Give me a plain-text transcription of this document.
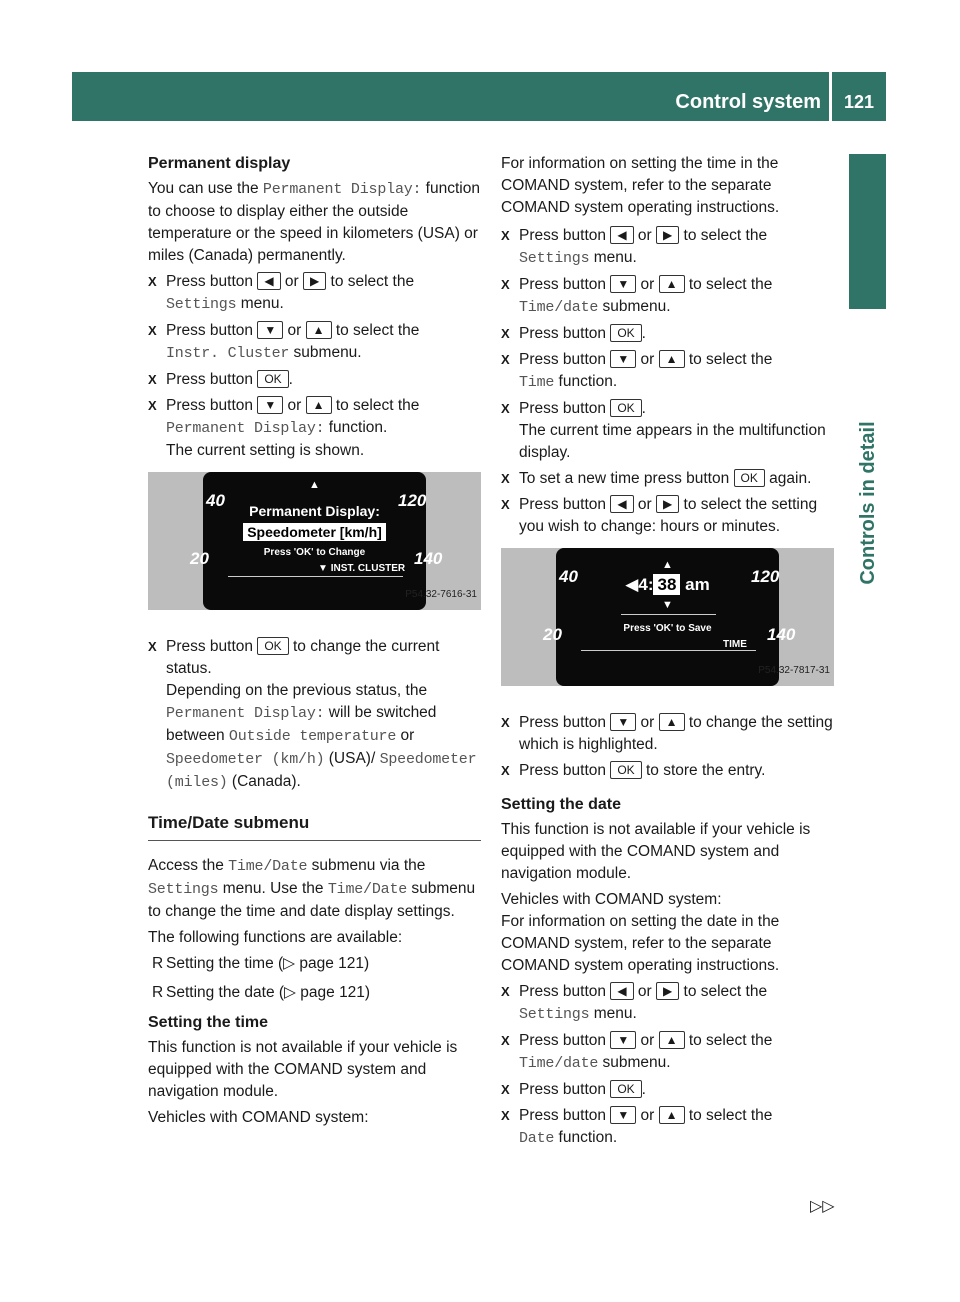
Control system	121
Controls in detail
Permanent display

You can use the Permanent Display: function to choose to display either the outside temperature or the speed in kilometers (USA) or miles (Canada) permanently.

X Press button ◀ or ▶ to select the
Settings menu.
X Press button ▼ or ▲ to select the
Instr. Cluster submenu.
X Press button OK .
X Press button ▼ or ▲ to select the
Permanent Display: function.
The current setting is shown.
40	120
20	140
▲
Permanent Display:
Speedometer [km/h]
Press 'OK' to Change
▼ INST. CLUSTER
P54.32-7616-31
X Press button OK to change the current status.
Depending on the previous status, the Permanent Display: will be switched between Outside temperature or Speedometer (km/h) (USA)/ Speedometer (miles) (Canada).
Time/Date submenu

Access the Time/Date submenu via the Settings menu. Use the Time/Date submenu to change the time and date display settings.

The following functions are available:

R Setting the time (▷ page 121)
R Setting the date (▷ page 121)
Setting the time

This function is not available if your vehicle is equipped with the COMAND system and navigation module.

Vehicles with COMAND system:

For information on setting the time in the COMAND system, refer to the separate COMAND system operating instructions.

X Press button ◀ or ▶ to select the
Settings menu.
X Press button ▼ or ▲ to select the
Time/date submenu.
X Press button OK .
X Press button ▼ or ▲ to select the
Time function.
X Press button OK .
The current time appears in the multifunction display.
X To set a new time press button OK again.
X Press button ◀ or ▶ to select the setting you wish to change: hours or minutes.
40	120
20	140
▲
◀4: 38 am
▼
Press 'OK' to Save
TIME
P54.32-7817-31
X Press button ▼ or ▲ to change the setting which is highlighted.
X Press button OK to store the entry.
Setting the date

This function is not available if your vehicle is equipped with the COMAND system and navigation module.

Vehicles with COMAND system:
For information on setting the date in the COMAND system, refer to the separate COMAND system operating instructions.

X Press button ◀ or ▶ to select the
Settings menu.
X Press button ▼ or ▲ to select the
Time/date submenu.
X Press button OK .
X Press button ▼ or ▲ to select the
Date function.
▷▷
